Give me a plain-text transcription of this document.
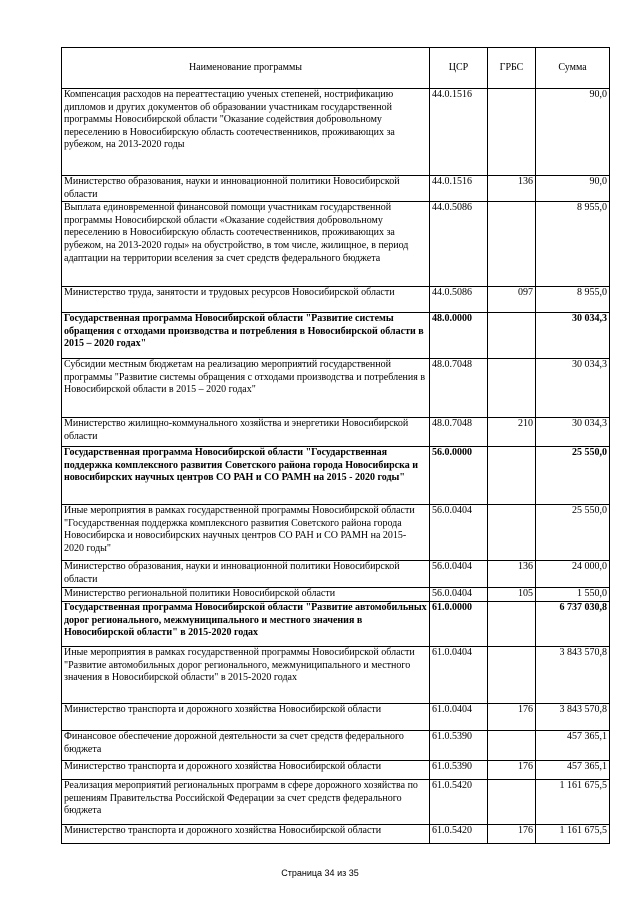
Наименование программы	ЦСР	ГРБС	Сумма
Компенсация расходов на переаттестацию ученых степеней, нострификацию дипломов и других документов об образовании участникам государственной программы Новосибирской области "Оказание содействия добровольному переселению в Новосибирскую область соотечественников, проживающих за рубежом, на 2013-2020 годы	44.0.1516		90,0
Министерство образования, науки и инновационной политики Новосибирской области	44.0.1516	136	90,0
Выплата единовременной финансовой помощи участникам государственной программы Новосибирской области «Оказание содействия добровольному переселению в Новосибирскую область соотечественников, проживающих за рубежом, на 2013-2020 годы» на обустройство, в том числе, жилищное, в период адаптации на территории вселения за счет средств федерального бюджета	44.0.5086		8 955,0
Министерство труда, занятости и трудовых ресурсов Новосибирской области	44.0.5086	097	8 955,0
Государственная программа Новосибирской области "Развитие системы обращения с отходами производства и потребления в Новосибирской области в 2015 – 2020 годах"	48.0.0000		30 034,3
Субсидии местным бюджетам на реализацию мероприятий государственной программы "Развитие системы обращения с отходами производства и потребления в Новосибирской области в 2015 – 2020 годах"	48.0.7048		30 034,3
Министерство жилищно-коммунального хозяйства и энергетики Новосибирской области	48.0.7048	210	30 034,3
Государственная программа Новосибирской области "Государственная поддержка комплексного развития Советского района города Новосибирска и новосибирских научных центров СО РАН и СО РАМН на 2015 - 2020 годы"	56.0.0000		25 550,0
Иные мероприятия в рамках государственной программы Новосибирской области "Государственная поддержка комплексного развития Советского района города Новосибирска и новосибирских научных центров СО РАН и СО РАМН на 2015- 2020 годы"	56.0.0404		25 550,0
Министерство образования, науки и инновационной политики Новосибирской области	56.0.0404	136	24 000,0
Министерство региональной политики Новосибирской области	56.0.0404	105	1 550,0
Государственная программа Новосибирской области "Развитие автомобильных дорог регионального, межмуниципального и местного значения в Новосибирской области" в 2015-2020 годах	61.0.0000		6 737 030,8
Иные мероприятия в рамках государственной программы Новосибирской области "Развитие автомобильных дорог регионального, межмуниципального и местного значения в Новосибирской области" в 2015-2020 годах	61.0.0404		3 843 570,8
Министерство транспорта и дорожного хозяйства Новосибирской области	61.0.0404	176	3 843 570,8
Финансовое обеспечение дорожной деятельности за счет средств федерального бюджета	61.0.5390		457 365,1
Министерство транспорта и дорожного хозяйства Новосибирской области	61.0.5390	176	457 365,1
Реализация мероприятий региональных программ в сфере дорожного хозяйства по решениям Правительства Российской Федерации за счет средств федерального бюджета	61.0.5420		1 161 675,5
Министерство транспорта и дорожного хозяйства Новосибирской области	61.0.5420	176	1 161 675,5
Страница 34 из 35
